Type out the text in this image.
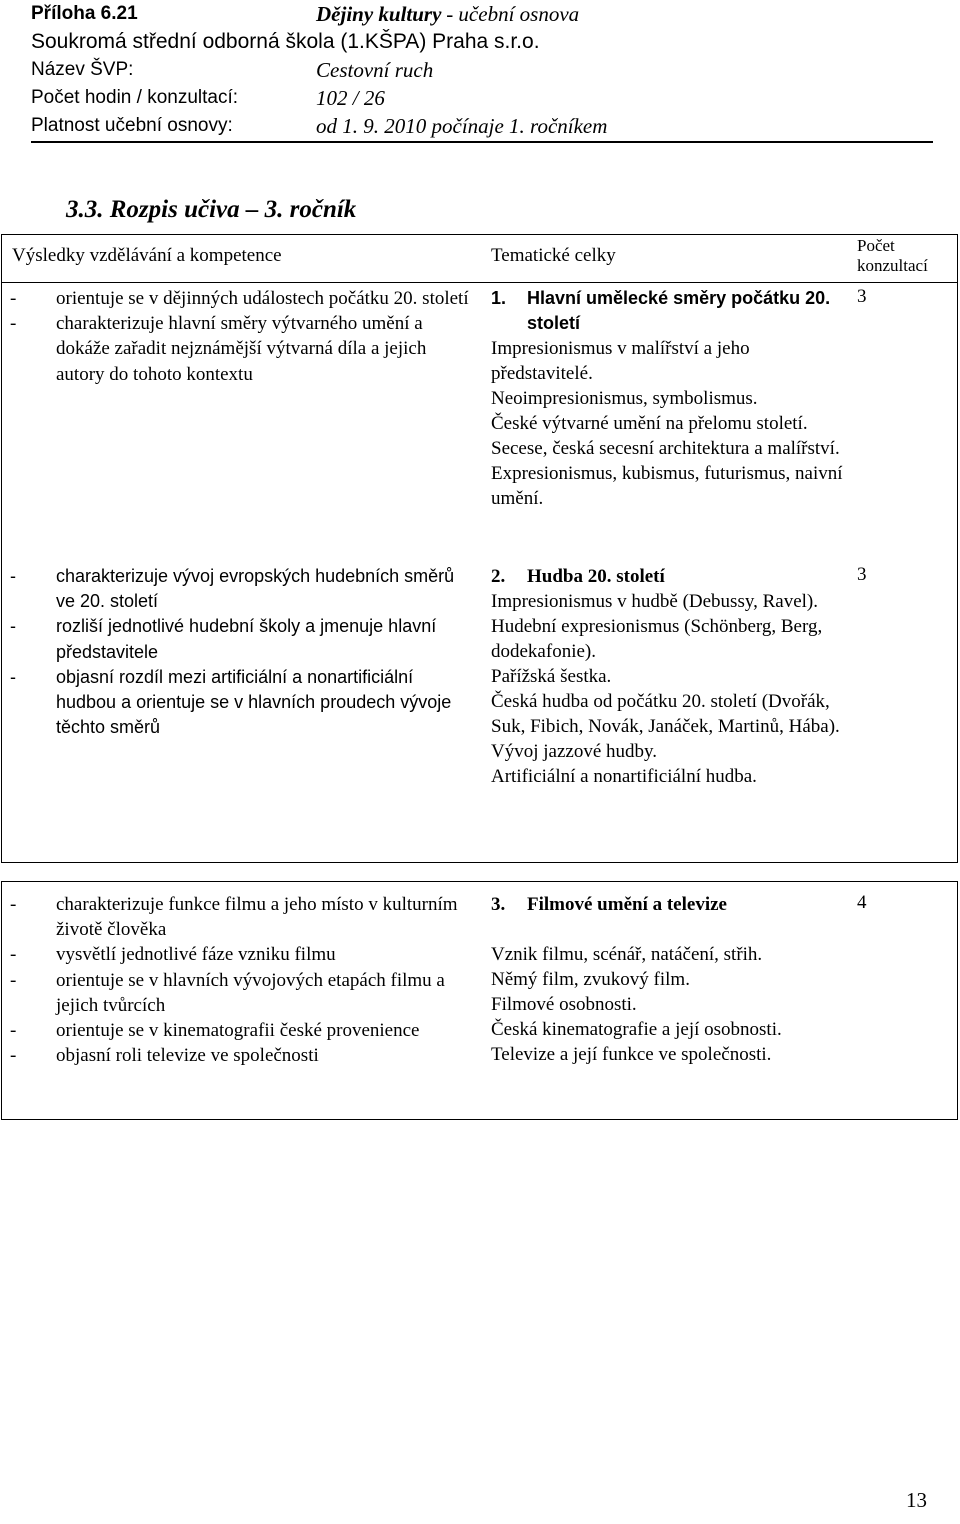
Příloha 6.21	Dějiny kultury - učební osnova
Soukromá střední odborná škola (1.KŠPA) Praha s.r.o.
Název ŠVP:	Cestovní ruch
Počet hodin / konzultací:	102 / 26
Platnost učební osnovy:	od 1. 9. 2010 počínaje 1. ročníkem
3.3. Rozpis učiva – 3. ročník
Výsledky vzdělávání a kompetence	Tematické celky	Počet
konzultací
-	orientuje se v dějinných událostech počátku 20. století
-	charakterizuje hlavní směry výtvarného umění a dokáže zařadit nejznámější výtvarná díla a jejich autory do tohoto kontextu
1. Hlavní umělecké směry počátku 20. století
Impresionismus v malířství a jeho představitelé.
Neoimpresionismus, symbolismus.
České výtvarné umění na přelomu století.
Secese, česká secesní architektura a malířství.
Expresionismus, kubismus, futurismus, naivní umění.
3
-	charakterizuje vývoj evropských hudebních směrů ve 20. století
-	rozliší jednotlivé hudební školy a jmenuje hlavní představitele
-	objasní rozdíl mezi artificiální a nonartificiální hudbou a orientuje se v hlavních proudech vývoje těchto směrů
2. Hudba 20. století
Impresionismus v hudbě (Debussy, Ravel).
Hudební expresionismus (Schönberg, Berg, dodekafonie).
Pařížská šestka.
Česká hudba od počátku 20. století (Dvořák, Suk, Fibich, Novák, Janáček, Martinů, Hába).
Vývoj jazzové hudby.
Artificiální a nonartificiální hudba.
3
-	charakterizuje funkce filmu a jeho místo v kulturním životě člověka
-	vysvětlí jednotlivé fáze vzniku filmu
-	orientuje se v hlavních vývojových etapách filmu a jejich tvůrcích
-	orientuje se v kinematografii české provenience
-	objasní roli televize ve společnosti
3. Filmové umění a televize
Vznik filmu, scénář, natáčení, střih.
Němý film, zvukový film.
Filmové osobnosti.
Česká kinematografie a její osobnosti.
Televize a její funkce ve společnosti.
4
13
